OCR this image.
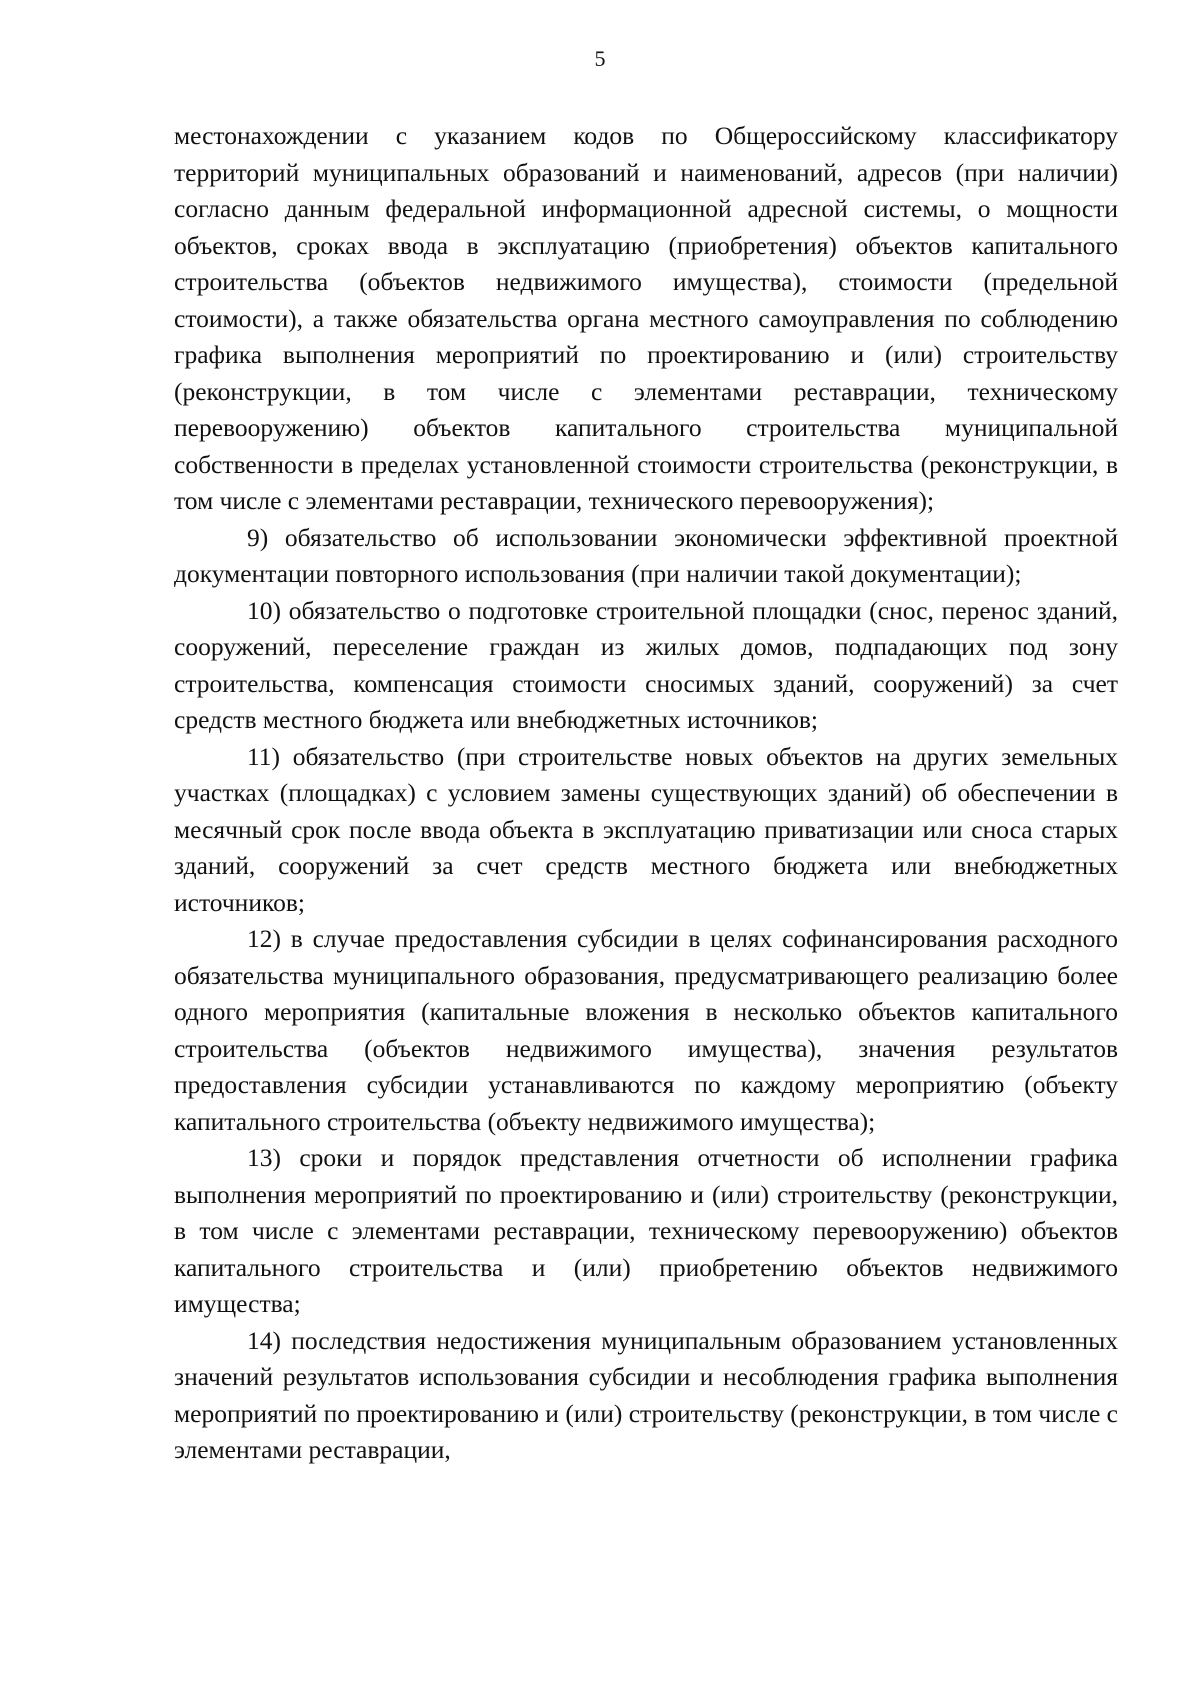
5

местонахождении с указанием кодов по Общероссийскому классификатору территорий муниципальных образований и наименований, адресов (при наличии) согласно данным федеральной информационной адресной системы, о мощности объектов, сроках ввода в эксплуатацию (приобретения) объектов капитального строительства (объектов недвижимого имущества), стоимости (предельной стоимости), а также обязательства органа местного самоуправления по соблюдению графика выполнения мероприятий по проектированию и (или) строительству (реконструкции, в том числе с элементами реставрации, техническому перевооружению) объектов капитального строительства муниципальной собственности в пределах установленной стоимости строительства (реконструкции, в том числе с элементами реставрации, технического перевооружения);

9) обязательство об использовании экономически эффективной проектной документации повторного использования (при наличии такой документации);

10) обязательство о подготовке строительной площадки (снос, перенос зданий, сооружений, переселение граждан из жилых домов, подпадающих под зону строительства, компенсация стоимости сносимых зданий, сооружений) за счет средств местного бюджета или внебюджетных источников;

11) обязательство (при строительстве новых объектов на других земельных участках (площадках) с условием замены существующих зданий) об обеспечении в месячный срок после ввода объекта в эксплуатацию приватизации или сноса старых зданий, сооружений за счет средств местного бюджета или внебюджетных источников;

12) в случае предоставления субсидии в целях софинансирования расходного обязательства муниципального образования, предусматривающего реализацию более одного мероприятия (капитальные вложения в несколько объектов капитального строительства (объектов недвижимого имущества), значения результатов предоставления субсидии устанавливаются по каждому мероприятию (объекту капитального строительства (объекту недвижимого имущества);

13) сроки и порядок представления отчетности об исполнении графика выполнения мероприятий по проектированию и (или) строительству (реконструкции, в том числе с элементами реставрации, техническому перевооружению) объектов капитального строительства и (или) приобретению объектов недвижимого имущества;

14) последствия недостижения муниципальным образованием установленных значений результатов использования субсидии и несоблюдения графика выполнения мероприятий по проектированию и (или) строительству (реконструкции, в том числе с элементами реставрации,
